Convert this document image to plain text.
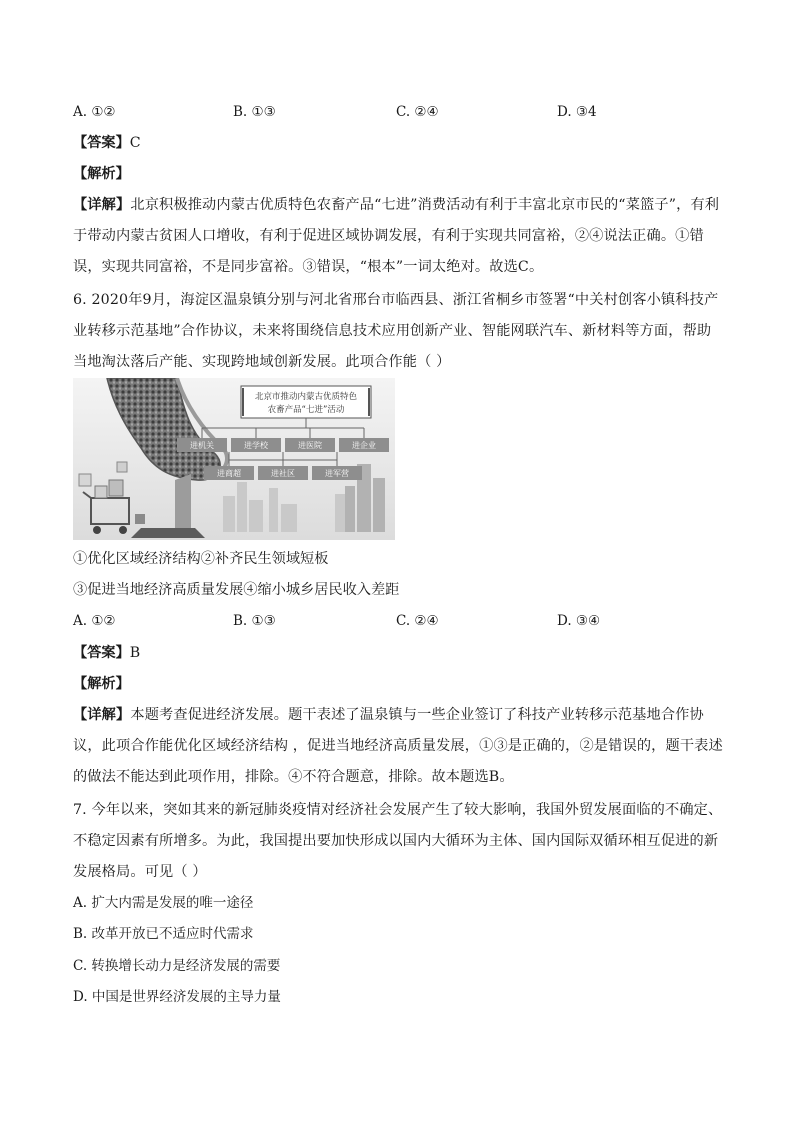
A. ①②	B. ①③	C. ②④	D. ③4
【答案】C
【解析】
【详解】北京积极推动内蒙古优质特色农畜产品“七进”消费活动有利于丰富北京市民的“菜篮子”，有利于带动内蒙古贫困人口增收，有利于促进区域协调发展，有利于实现共同富裕，②④说法正确。①错误，实现共同富裕，不是同步富裕。③错误，“根本”一词太绝对。故选C。
6. 2020年9月，海淀区温泉镇分别与河北省邢台市临西县、浙江省桐乡市签署“中关村创客小镇科技产业转移示范基地”合作协议，未来将围绕信息技术应用创新产业、智能网联汽车、新材料等方面，帮助当地淘汰落后产能、实现跨地域创新发展。此项合作能（ ）
北京市推动内蒙古优质特色
农畜产品“七进”活动
进机关	进学校	进医院	进企业
进商超	进社区	进军营
①优化区域经济结构②补齐民生领域短板
③促进当地经济高质量发展④缩小城乡居民收入差距
A. ①②	B. ①③	C. ②④	D. ③④
【答案】B
【解析】
【详解】本题考查促进经济发展。题干表述了温泉镇与一些企业签订了科技产业转移示范基地合作协议，此项合作能优化区域经济结构 ，促进当地经济高质量发展，①③是正确的，②是错误的，题干表述的做法不能达到此项作用，排除。④不符合题意，排除。故本题选B。
7. 今年以来，突如其来的新冠肺炎疫情对经济社会发展产生了较大影响，我国外贸发展面临的不确定、不稳定因素有所增多。为此，我国提出要加快形成以国内大循环为主体、国内国际双循环相互促进的新发展格局。可见（ ）
A. 扩大内需是发展的唯一途径
B. 改革开放已不适应时代需求
C. 转换增长动力是经济发展的需要
D. 中国是世界经济发展的主导力量
